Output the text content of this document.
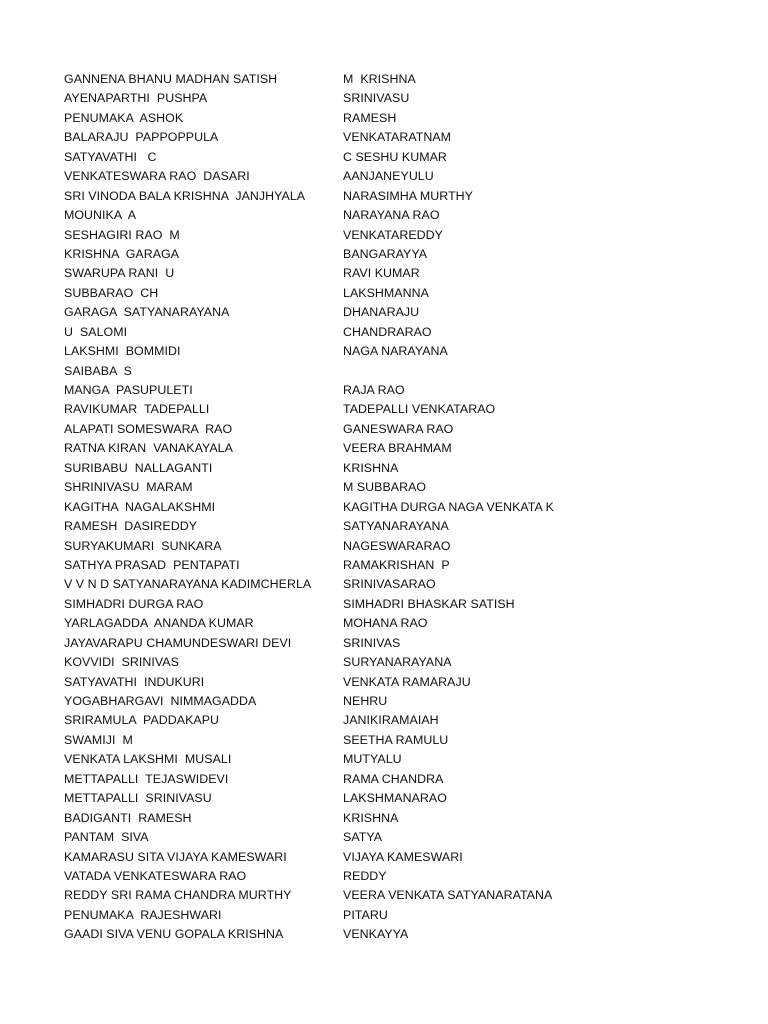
GANNENA BHANU MADHAN SATISH	M  KRISHNA
AYENAPARTHI  PUSHPA	SRINIVASU
PENUMAKA  ASHOK	RAMESH
BALARAJU  PAPPOPPULA	VENKATARATNAM
SATYAVATHI   C	C SESHU KUMAR
VENKATESWARA RAO  DASARI	AANJANEYULU
SRI VINODA BALA KRISHNA  JANJHYALA	NARASIMHA MURTHY
MOUNIKA  A	NARAYANA RAO
SESHAGIRI RAO  M	VENKATAREDDY
KRISHNA  GARAGA	BANGARAYYA
SWARUPA RANI  U	RAVI KUMAR
SUBBARAO  CH	LAKSHMANNA
GARAGA  SATYANARAYANA	DHANARAJU
U  SALOMI	CHANDRARAO
LAKSHMI  BOMMIDI	NAGA NARAYANA
SAIBABA  S
MANGA  PASUPULETI	RAJA RAO
RAVIKUMAR  TADEPALLI	TADEPALLI VENKATARAO
ALAPATI SOMESWARA  RAO	GANESWARA RAO
RATNA KIRAN  VANAKAYALA	VEERA BRAHMAM
SURIBABU  NALLAGANTI	KRISHNA
SHRINIVASU  MARAM	M SUBBARAO
KAGITHA  NAGALAKSHMI	KAGITHA DURGA NAGA VENKATA K
RAMESH  DASIREDDY	SATYANARAYANA
SURYAKUMARI  SUNKARA	NAGESWARARAO
SATHYA PRASAD  PENTAPATI	RAMAKRISHAN  P
V V N D SATYANARAYANA KADIMCHERLA	SRINIVASARAO
SIMHADRI DURGA RAO	SIMHADRI BHASKAR SATISH
YARLAGADDA  ANANDA KUMAR	MOHANA RAO
JAYAVARAPU CHAMUNDESWARI DEVI	SRINIVAS
KOVVIDI  SRINIVAS	SURYANARAYANA
SATYAVATHI  INDUKURI	VENKATA RAMARAJU
YOGABHARGAVI  NIMMAGADDA	NEHRU
SRIRAMULA  PADDAKAPU	JANIKIRAMAIAH
SWAMIJI  M	SEETHA RAMULU
VENKATA LAKSHMI  MUSALI	MUTYALU
METTAPALLI  TEJASWIDEVI	RAMA CHANDRA
METTAPALLI  SRINIVASU	LAKSHMANARAO
BADIGANTI  RAMESH	KRISHNA
PANTAM  SIVA	SATYA
KAMARASU SITA VIJAYA KAMESWARI	VIJAYA KAMESWARI
VATADA VENKATESWARA RAO	REDDY
REDDY SRI RAMA CHANDRA MURTHY	VEERA VENKATA SATYANARATANA
PENUMAKA  RAJESHWARI	PITARU
GAADI SIVA VENU GOPALA KRISHNA	VENKAYYA
